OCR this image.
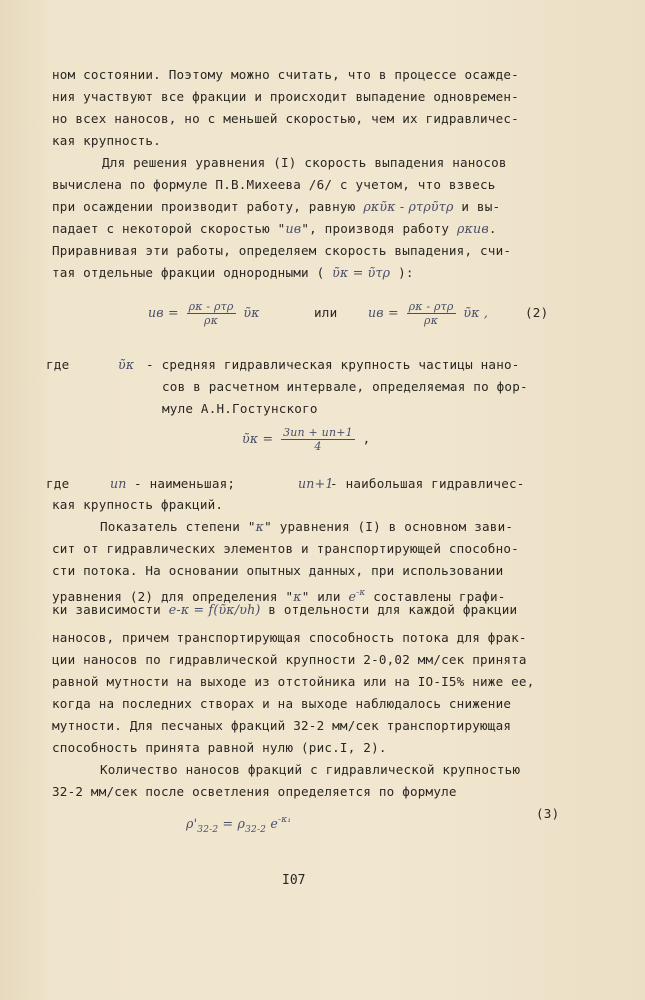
ном состоянии. Поэтому можно считать, что в процессе осажде-
ния участвуют все фракции и происходит выпадение одновремен-
но всех наносов, но с меньшей скоростью, чем их гидравличес-
кая крупность.
Для решения уравнения (I) скорость выпадения наносов
вычислена по формуле П.В.Михеева /6/ с учетом, что взвесь
при осаждении производит работу, равную ρκῦκ - ρτρῦτρ и вы-
падает с некоторой скоростью "uв", производя работу ρκuв.
Приравнивая эти работы, определяем скорость выпадения, счи-
тая отдельные фракции однородными ( ῦκ = ῦτρ ):
uв = $\frac{\text{ρκ - ρτρ}}{\rho\kappa}$ ῦκ	или uв = $\frac{\text{ρκ - ρτρ}}{\rho\kappa}$ ῦκ ,	(2)
где	ῦκ - средняя гидравлическая крупность частицы нано-
сов в расчетном интервале, определяемая по фор-
муле А.Н.Гостунского
ῦκ = $\frac{3un + un+1}{4}$ ,
где	un - наименьшая;	un+1
- наибольшая гидравличес-
кая крупность фракций.
Показатель степени "κ" уравнения (I) в основном зави-
сит от гидравлических элементов и транспортирующей способно-
сти потока. На основании опытных данных, при использовании
уравнения (2) для определения "κ" или $e^{-\kappa}$ составлены графи-
ки зависимости e-κ = f(ῦκ/υh) в отдельности для каждой фракции
наносов, причем транспортирующая способность потока для фрак-
ции наносов по гидравлической крупности 2-0,02 мм/сек принята
равной мутности на выходе из отстойника или на IO-I5% ниже ее,
когда на последних створах и на выходе наблюдалось снижение
мутности. Для песчаных фракций 32-2 мм/сек транспортирующая
способность принята равной нулю (рис.I, 2).
Количество наносов фракций с гидравлической крупностью
32-2 мм/сек после осветления определяется по формуле
$\rho'_{32-2} = \rho_{32-2}$ $e^{-\kappa_1}$	(3)
I07
